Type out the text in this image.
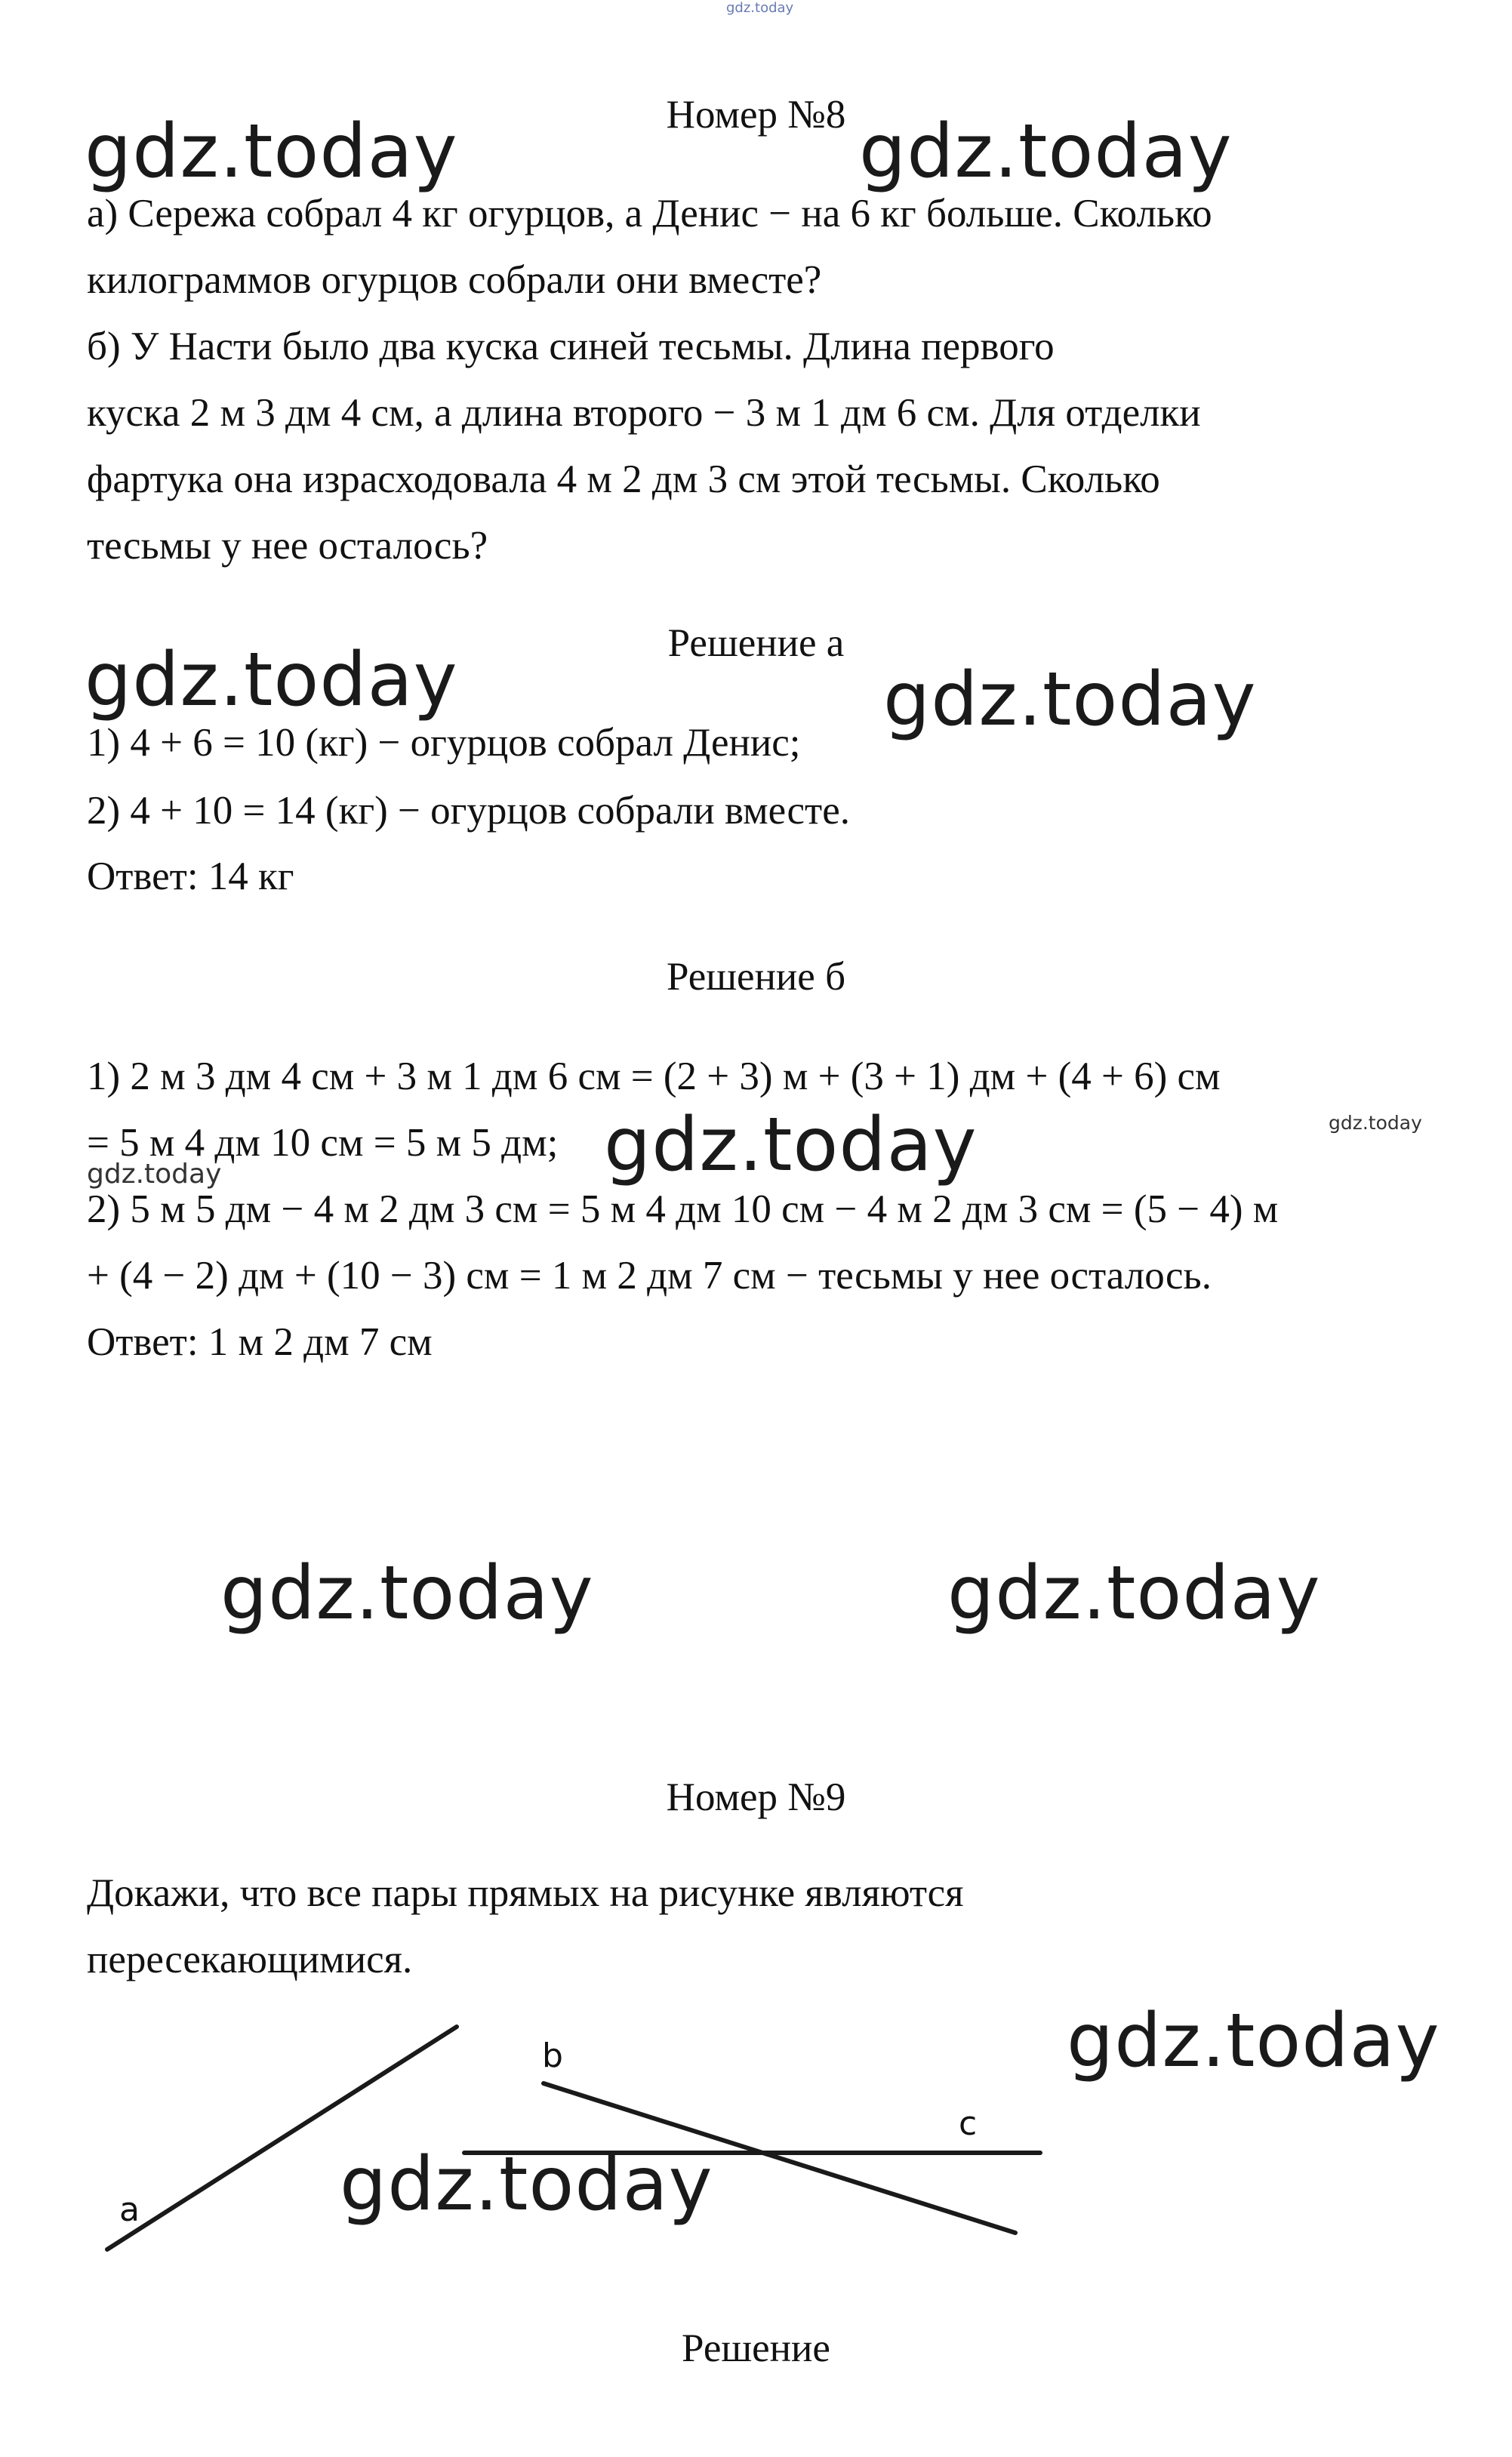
gdz.today
Номер №8
gdz.today	gdz.today
а) Сережа собрал 4 кг огурцов, а Денис − на 6 кг больше. Сколько
килограммов огурцов собрали они вместе?
б) У Насти было два куска синей тесьмы. Длина первого
куска 2 м 3 дм 4 см, а длина второго − 3 м 1 дм 6 см. Для отделки
фартука она израсходовала 4 м 2 дм 3 см этой тесьмы. Сколько
тесьмы у нее осталось?
Решение а
gdz.today	gdz.today
1) 4 + 6 = 10 (кг) − огурцов собрал Денис;
2) 4 + 10 = 14 (кг) − огурцов собрали вместе.
Ответ: 14 кг
Решение б
1) 2 м 3 дм 4 см + 3 м 1 дм 6 см = (2 + 3) м + (3 + 1) дм + (4 + 6) см
= 5 м 4 дм 10 см = 5 м 5 дм; gdz.today	gdz.today
gdz.today
2) 5 м 5 дм − 4 м 2 дм 3 см = 5 м 4 дм 10 см − 4 м 2 дм 3 см = (5 − 4) м
+ (4 − 2) дм + (10 − 3) см = 1 м 2 дм 7 см − тесьмы у нее осталось.
Ответ: 1 м 2 дм 7 см
gdz.today	gdz.today
Номер №9
Докажи, что все пары прямых на рисунке являются
пересекающимися.
gdz.today
a
b
c
gdz.today
Решение
